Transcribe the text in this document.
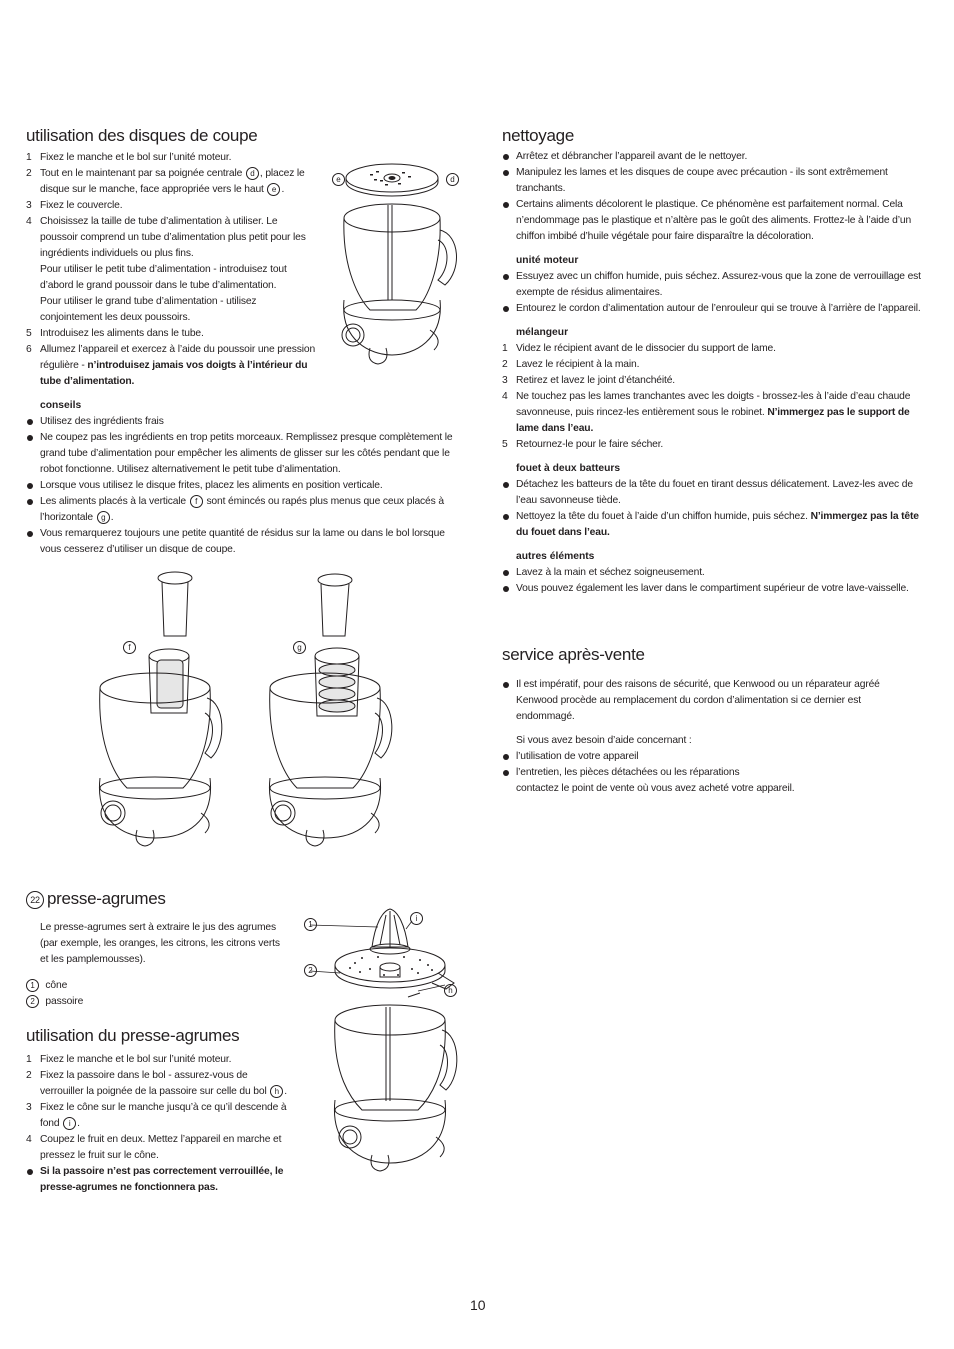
utilisation des disques de coupe
1 Fixez le manche et le bol sur l’unité moteur.
2 Tout en le maintenant par sa poignée centrale d , placez le disque sur le manche, face appropriée vers le haut e .
3 Fixez le couvercle.
4 Choisissez la taille de tube d’alimentation à utiliser. Le poussoir comprend un tube d’alimentation plus petit pour les ingrédients individuels ou plus fins.
Pour utiliser le petit tube d’alimentation - introduisez tout d’abord le grand poussoir dans le tube d’alimentation.
Pour utiliser le grand tube d’alimentation - utilisez conjointement les deux poussoirs.
5 Introduisez les aliments dans le tube.
6 Allumez l’appareil et exercez à l’aide du poussoir une pression régulière - n’introduisez jamais vos doigts à l’intérieur du tube d’alimentation.
conseils
Utilisez des ingrédients frais
Ne coupez pas les ingrédients en trop petits morceaux. Remplissez presque complètement le grand tube d’alimentation pour empêcher les aliments de glisser sur les côtés pendant que le robot fonctionne. Utilisez alternativement le petit tube d’alimentation.
Lorsque vous utilisez le disque frites, placez les aliments en position verticale.
Les aliments placés à la verticale f sont émincés ou rapés plus menus que ceux placés à l’horizontale g .
Vous remarquerez toujours une petite quantité de résidus sur la lame ou dans le bol lorsque vous cesserez d’utiliser un disque de coupe.
e	d
f	g
22 presse-agrumes
Le presse-agrumes sert à extraire le jus des agrumes (par exemple, les oranges, les citrons, les citrons verts et les pamplemousses).
1 cône
2 passoire
utilisation du presse-agrumes
1 Fixez le manche et le bol sur l’unité moteur.
2 Fixez la passoire dans le bol - assurez-vous de verrouiller la poignée de la passoire sur celle du bol h .
3 Fixez le cône sur le manche jusqu’à ce qu’il descende à fond i .
4 Coupez le fruit en deux. Mettez l’appareil en marche et pressez le fruit sur le cône.
Si la passoire n’est pas correctement verrouillée, le presse-agrumes ne fonctionnera pas.
1
2
i
h
nettoyage
Arrêtez et débrancher l’appareil avant de le nettoyer.
Manipulez les lames et les disques de coupe avec précaution - ils sont extrêmement tranchants.
Certains aliments décolorent le plastique. Ce phénomène est parfaitement normal. Cela n’endommage pas le plastique et n’altère pas le goût des aliments. Frottez-le à l’aide d’un chiffon imbibé d’huile végétale pour faire disparaître la décoloration.
unité moteur
Essuyez avec un chiffon humide, puis séchez. Assurez-vous que la zone de verrouillage est exempte de résidus alimentaires.
Entourez le cordon d’alimentation autour de l’enrouleur qui se trouve à l’arrière de l’appareil.
mélangeur
1 Videz le récipient avant de le dissocier du support de lame.
2 Lavez le récipient à la main.
3 Retirez et lavez le joint d’étanchéité.
4 Ne touchez pas les lames tranchantes avec les doigts - brossez-les à l’aide d’eau chaude savonneuse, puis rincez-les entièrement sous le robinet. N’immergez pas le support de lame dans l’eau.
5 Retournez-le pour le faire sécher.
fouet à deux batteurs
Détachez les batteurs de la tête du fouet en tirant dessus délicatement. Lavez-les avec de l’eau savonneuse tiède.
Nettoyez la tête du fouet à l’aide d’un chiffon humide, puis séchez. N’immergez pas la tête du fouet dans l’eau.
autres éléments
Lavez à la main et séchez soigneusement.
Vous pouvez également les laver dans le compartiment supérieur de votre lave-vaisselle.
service après-vente
Il est impératif, pour des raisons de sécurité, que Kenwood ou un réparateur agréé Kenwood procède au remplacement du cordon d’alimentation si ce dernier est endommagé.
Si vous avez besoin d’aide concernant :
l’utilisation de votre appareil
l’entretien, les pièces détachées ou les réparations
contactez le point de vente où vous avez acheté votre appareil.
10
